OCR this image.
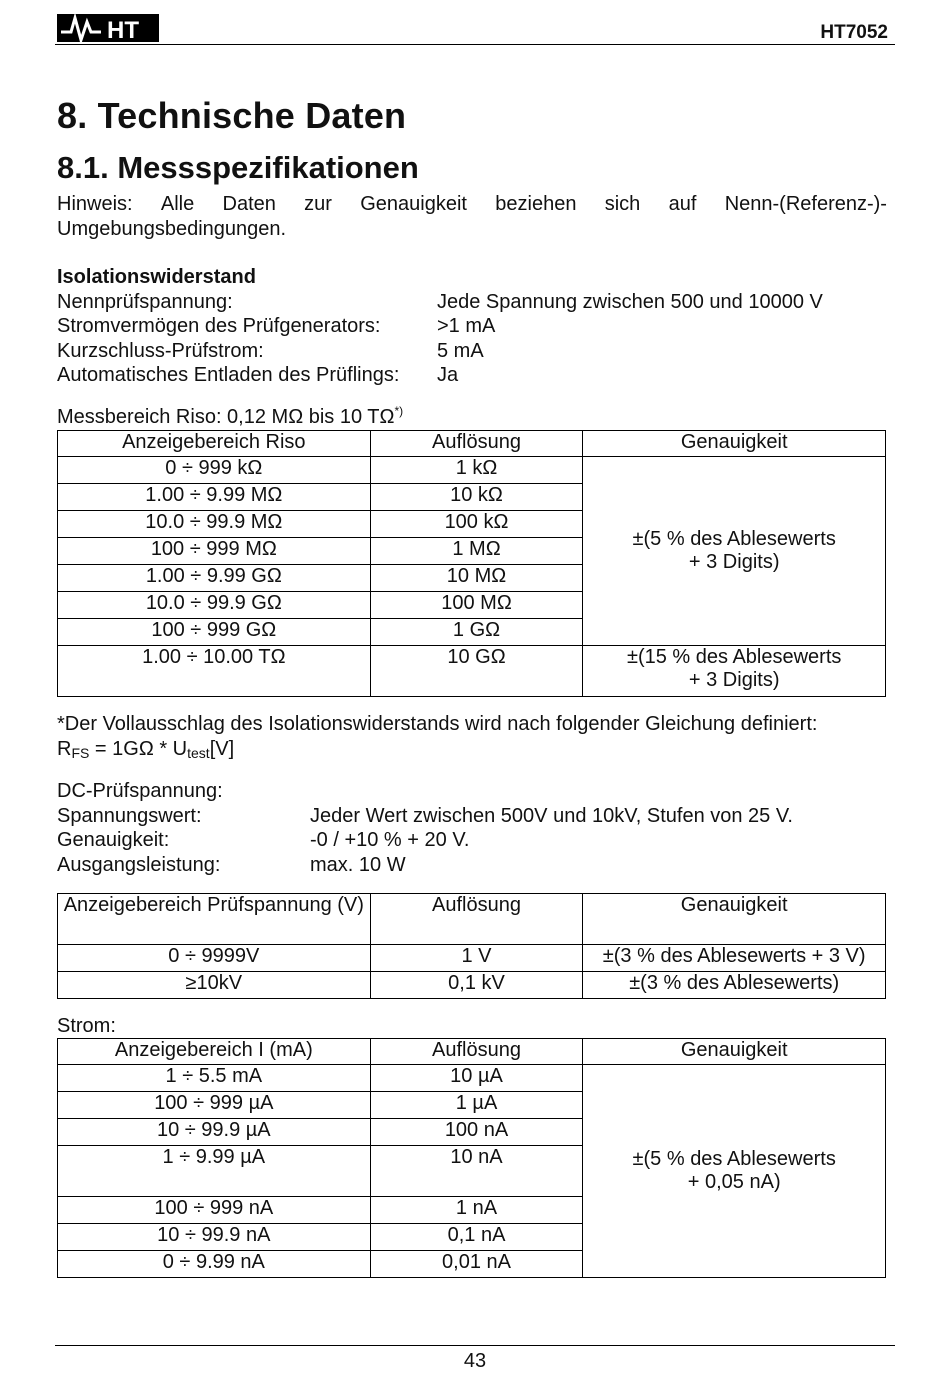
HT	HT7052
8. Technische Daten
8.1. Messspezifikationen
Hinweis: Alle Daten zur Genauigkeit beziehen sich auf Nenn-(Referenz-)-
Umgebungsbedingungen.
Isolationswiderstand
Nennprüfspannung:	Jede Spannung zwischen 500 und 10000 V
Stromvermögen des Prüfgenerators:	>1 mA
Kurzschluss-Prüfstrom:	5 mA
Automatisches Entladen des Prüflings:	Ja
Messbereich Riso: 0,12 MΩ bis 10 TΩ*)
Anzeigebereich Riso	Auflösung	Genauigkeit
0 ÷ 999 kΩ	1 kΩ	±(5 % des Ablesewerts
+ 3 Digits)

1.00 ÷ 9.99 MΩ	10 kΩ	
10.0 ÷ 99.9 MΩ	100 kΩ	
100 ÷ 999 MΩ	1 MΩ	
1.00 ÷ 9.99 GΩ	10 MΩ	
10.0 ÷ 99.9 GΩ	100 MΩ	
100 ÷ 999 GΩ	1 GΩ	
1.00 ÷ 10.00 TΩ	10 GΩ	±(15 % des Ablesewerts
+ 3 Digits)
*Der Vollausschlag des Isolationswiderstands wird nach folgender Gleichung definiert:
RFS = 1GΩ * Utest[V]
DC-Prüfspannung:
Spannungswert:	Jeder Wert zwischen 500V und 10kV, Stufen von 25 V.
Genauigkeit:	-0 / +10 % + 20 V.
Ausgangsleistung:	max. 10 W
Anzeigebereich Prüfspannung (V)	Auflösung	Genauigkeit
0 ÷ 9999V	1 V	±(3 % des Ablesewerts + 3 V)
≥10kV	0,1 kV	±(3 % des Ablesewerts)
Strom:
Anzeigebereich I (mA)	Auflösung	Genauigkeit
1 ÷ 5.5 mA	10 µA	±(5 % des Ablesewerts
+ 0,05 nA)

100 ÷ 999 µA	1 µA	
10 ÷ 99.9 µA	100 nA	
1 ÷ 9.99 µA	10 nA	
100 ÷ 999 nA	1 nA	
10 ÷ 99.9 nA	0,1 nA	
0 ÷ 9.99 nA	0,01 nA	
43
